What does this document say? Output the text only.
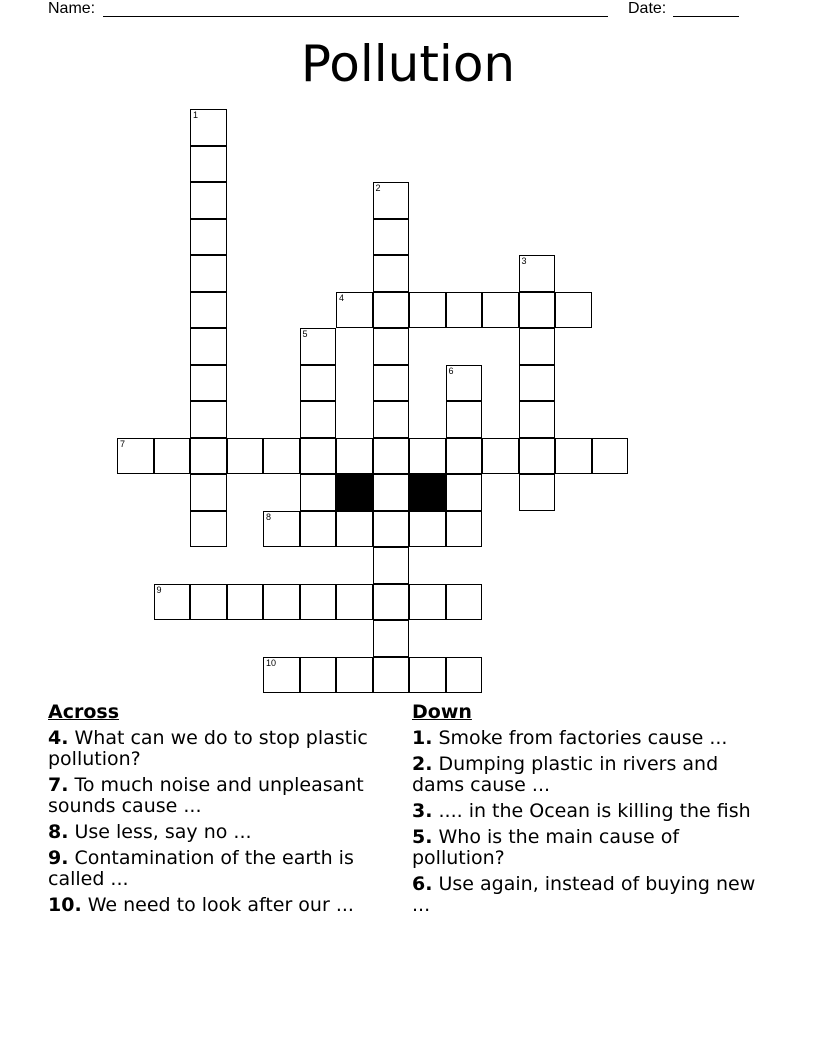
Name:	Date:
Pollution
1
2
3
4
5
6
7
8
9
10
Across
4. What can we do to stop plastic pollution?
7. To much noise and unpleasant sounds cause ...
8. Use less, say no ...
9. Contamination of the earth is called ...
10. We need to look after our ...
Down
1. Smoke from factories cause ...
2. Dumping plastic in rivers and dams cause ...
3. .... in the Ocean is killing the fish
5. Who is the main cause of pollution?
6. Use again, instead of buying new ...
